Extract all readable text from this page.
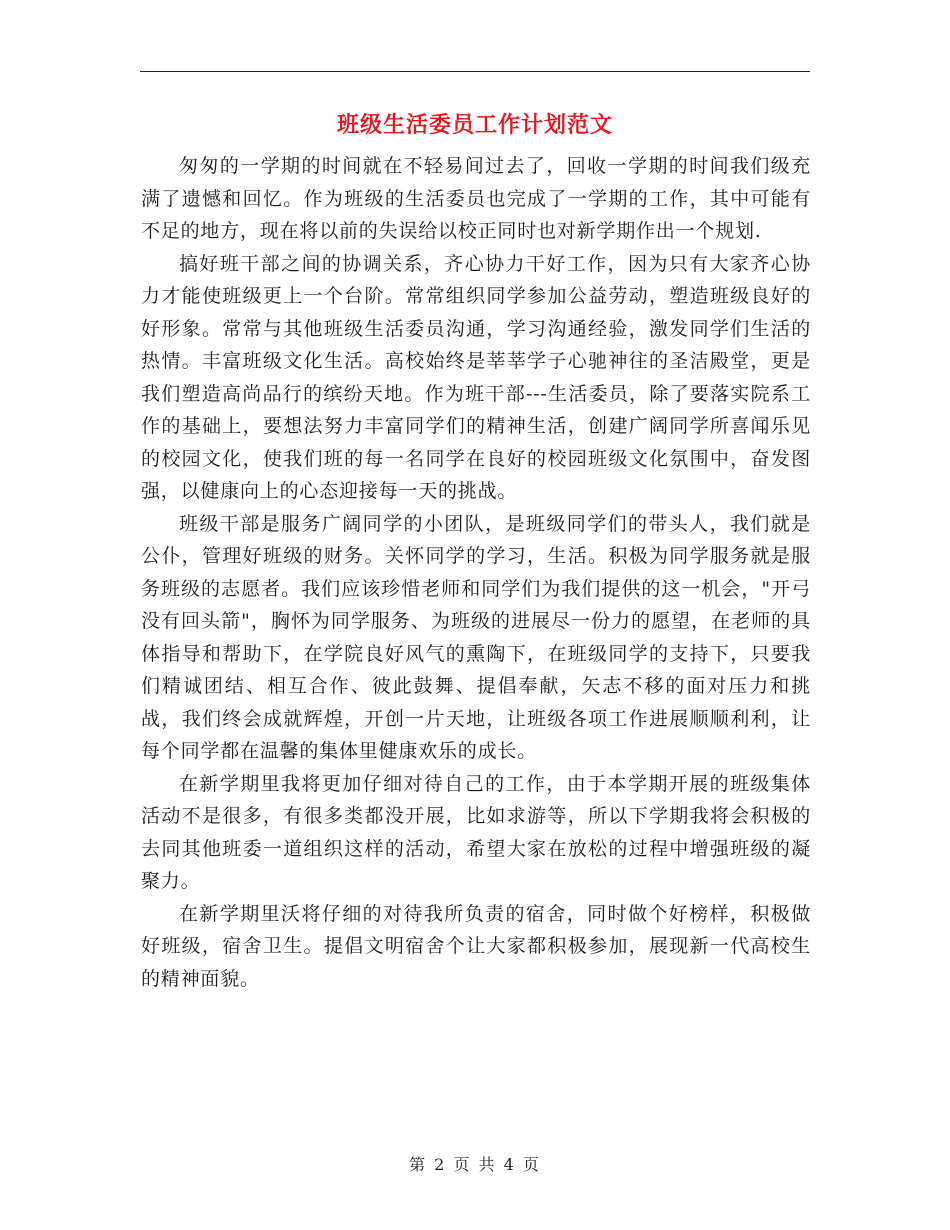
班级生活委员工作计划范文

匆匆的一学期的时间就在不轻易间过去了，回收一学期的时间我们级充满了遗憾和回忆。作为班级的生活委员也完成了一学期的工作，其中可能有不足的地方，现在将以前的失误给以校正同时也对新学期作出一个规划.

搞好班干部之间的协调关系，齐心协力干好工作，因为只有大家齐心协力才能使班级更上一个台阶。常常组织同学参加公益劳动，塑造班级良好的好形象。常常与其他班级生活委员沟通，学习沟通经验，激发同学们生活的热情。丰富班级文化生活。高校始终是莘莘学子心驰神往的圣洁殿堂，更是我们塑造高尚品行的缤纷天地。作为班干部---生活委员，除了要落实院系工作的基础上，要想法努力丰富同学们的精神生活，创建广阔同学所喜闻乐见的校园文化，使我们班的每一名同学在良好的校园班级文化氛围中，奋发图强，以健康向上的心态迎接每一天的挑战。

班级干部是服务广阔同学的小团队，是班级同学们的带头人，我们就是公仆，管理好班级的财务。关怀同学的学习，生活。积极为同学服务就是服务班级的志愿者。我们应该珍惜老师和同学们为我们提供的这一机会，"开弓没有回头箭"，胸怀为同学服务、为班级的进展尽一份力的愿望，在老师的具体指导和帮助下，在学院良好风气的熏陶下，在班级同学的支持下，只要我们精诚团结、相互合作、彼此鼓舞、提倡奉献，矢志不移的面对压力和挑战，我们终会成就辉煌，开创一片天地，让班级各项工作进展顺顺利利，让每个同学都在温馨的集体里健康欢乐的成长。

在新学期里我将更加仔细对待自己的工作，由于本学期开展的班级集体活动不是很多，有很多类都没开展，比如求游等，所以下学期我将会积极的去同其他班委一道组织这样的活动，希望大家在放松的过程中增强班级的凝聚力。

在新学期里沃将仔细的对待我所负责的宿舍，同时做个好榜样，积极做好班级，宿舍卫生。提倡文明宿舍个让大家都积极参加，展现新一代高校生的精神面貌。

第 2 页 共 4 页
